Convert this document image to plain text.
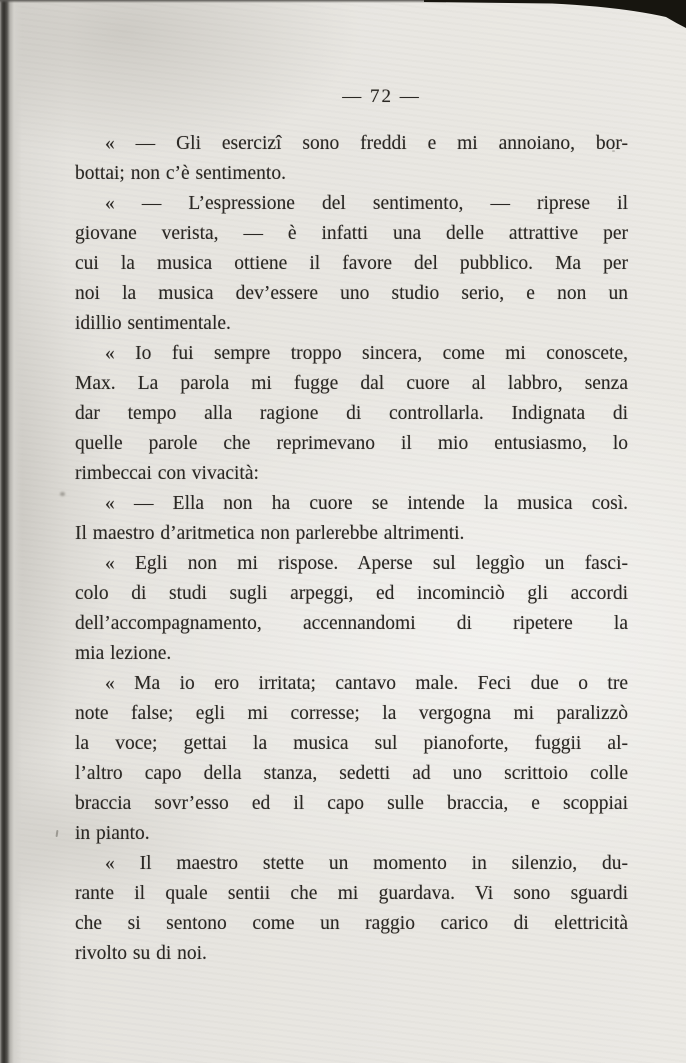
— 72 —

« — Gli esercizî sono freddi e mi annoiano, bor-
bottai; non c’è sentimento.

« — L’espressione del sentimento, — riprese il
giovane verista, — è infatti una delle attrattive per
cui la musica ottiene il favore del pubblico. Ma per
noi la musica dev’essere uno studio serio, e non un
idillio sentimentale.

« Io fui sempre troppo sincera, come mi conoscete,
Max. La parola mi fugge dal cuore al labbro, senza
dar tempo alla ragione di controllarla. Indignata di
quelle parole che reprimevano il mio entusiasmo, lo
rimbeccai con vivacità:

« — Ella non ha cuore se intende la musica così.
Il maestro d’aritmetica non parlerebbe altrimenti.

« Egli non mi rispose. Aperse sul leggìo un fasci-
colo di studi sugli arpeggi, ed incominciò gli accordi
dell’accompagnamento, accennandomi di ripetere la
mia lezione.

« Ma io ero irritata; cantavo male. Feci due o tre
note false; egli mi corresse; la vergogna mi paralizzò
la voce; gettai la musica sul pianoforte, fuggii al-
l’altro capo della stanza, sedetti ad uno scrittoio colle
braccia sovr’esso ed il capo sulle braccia, e scoppiai
in pianto.

« Il maestro stette un momento in silenzio, du-
rante il quale sentii che mi guardava. Vi sono sguardi
che si sentono come un raggio carico di elettricità
rivolto su di noi.
